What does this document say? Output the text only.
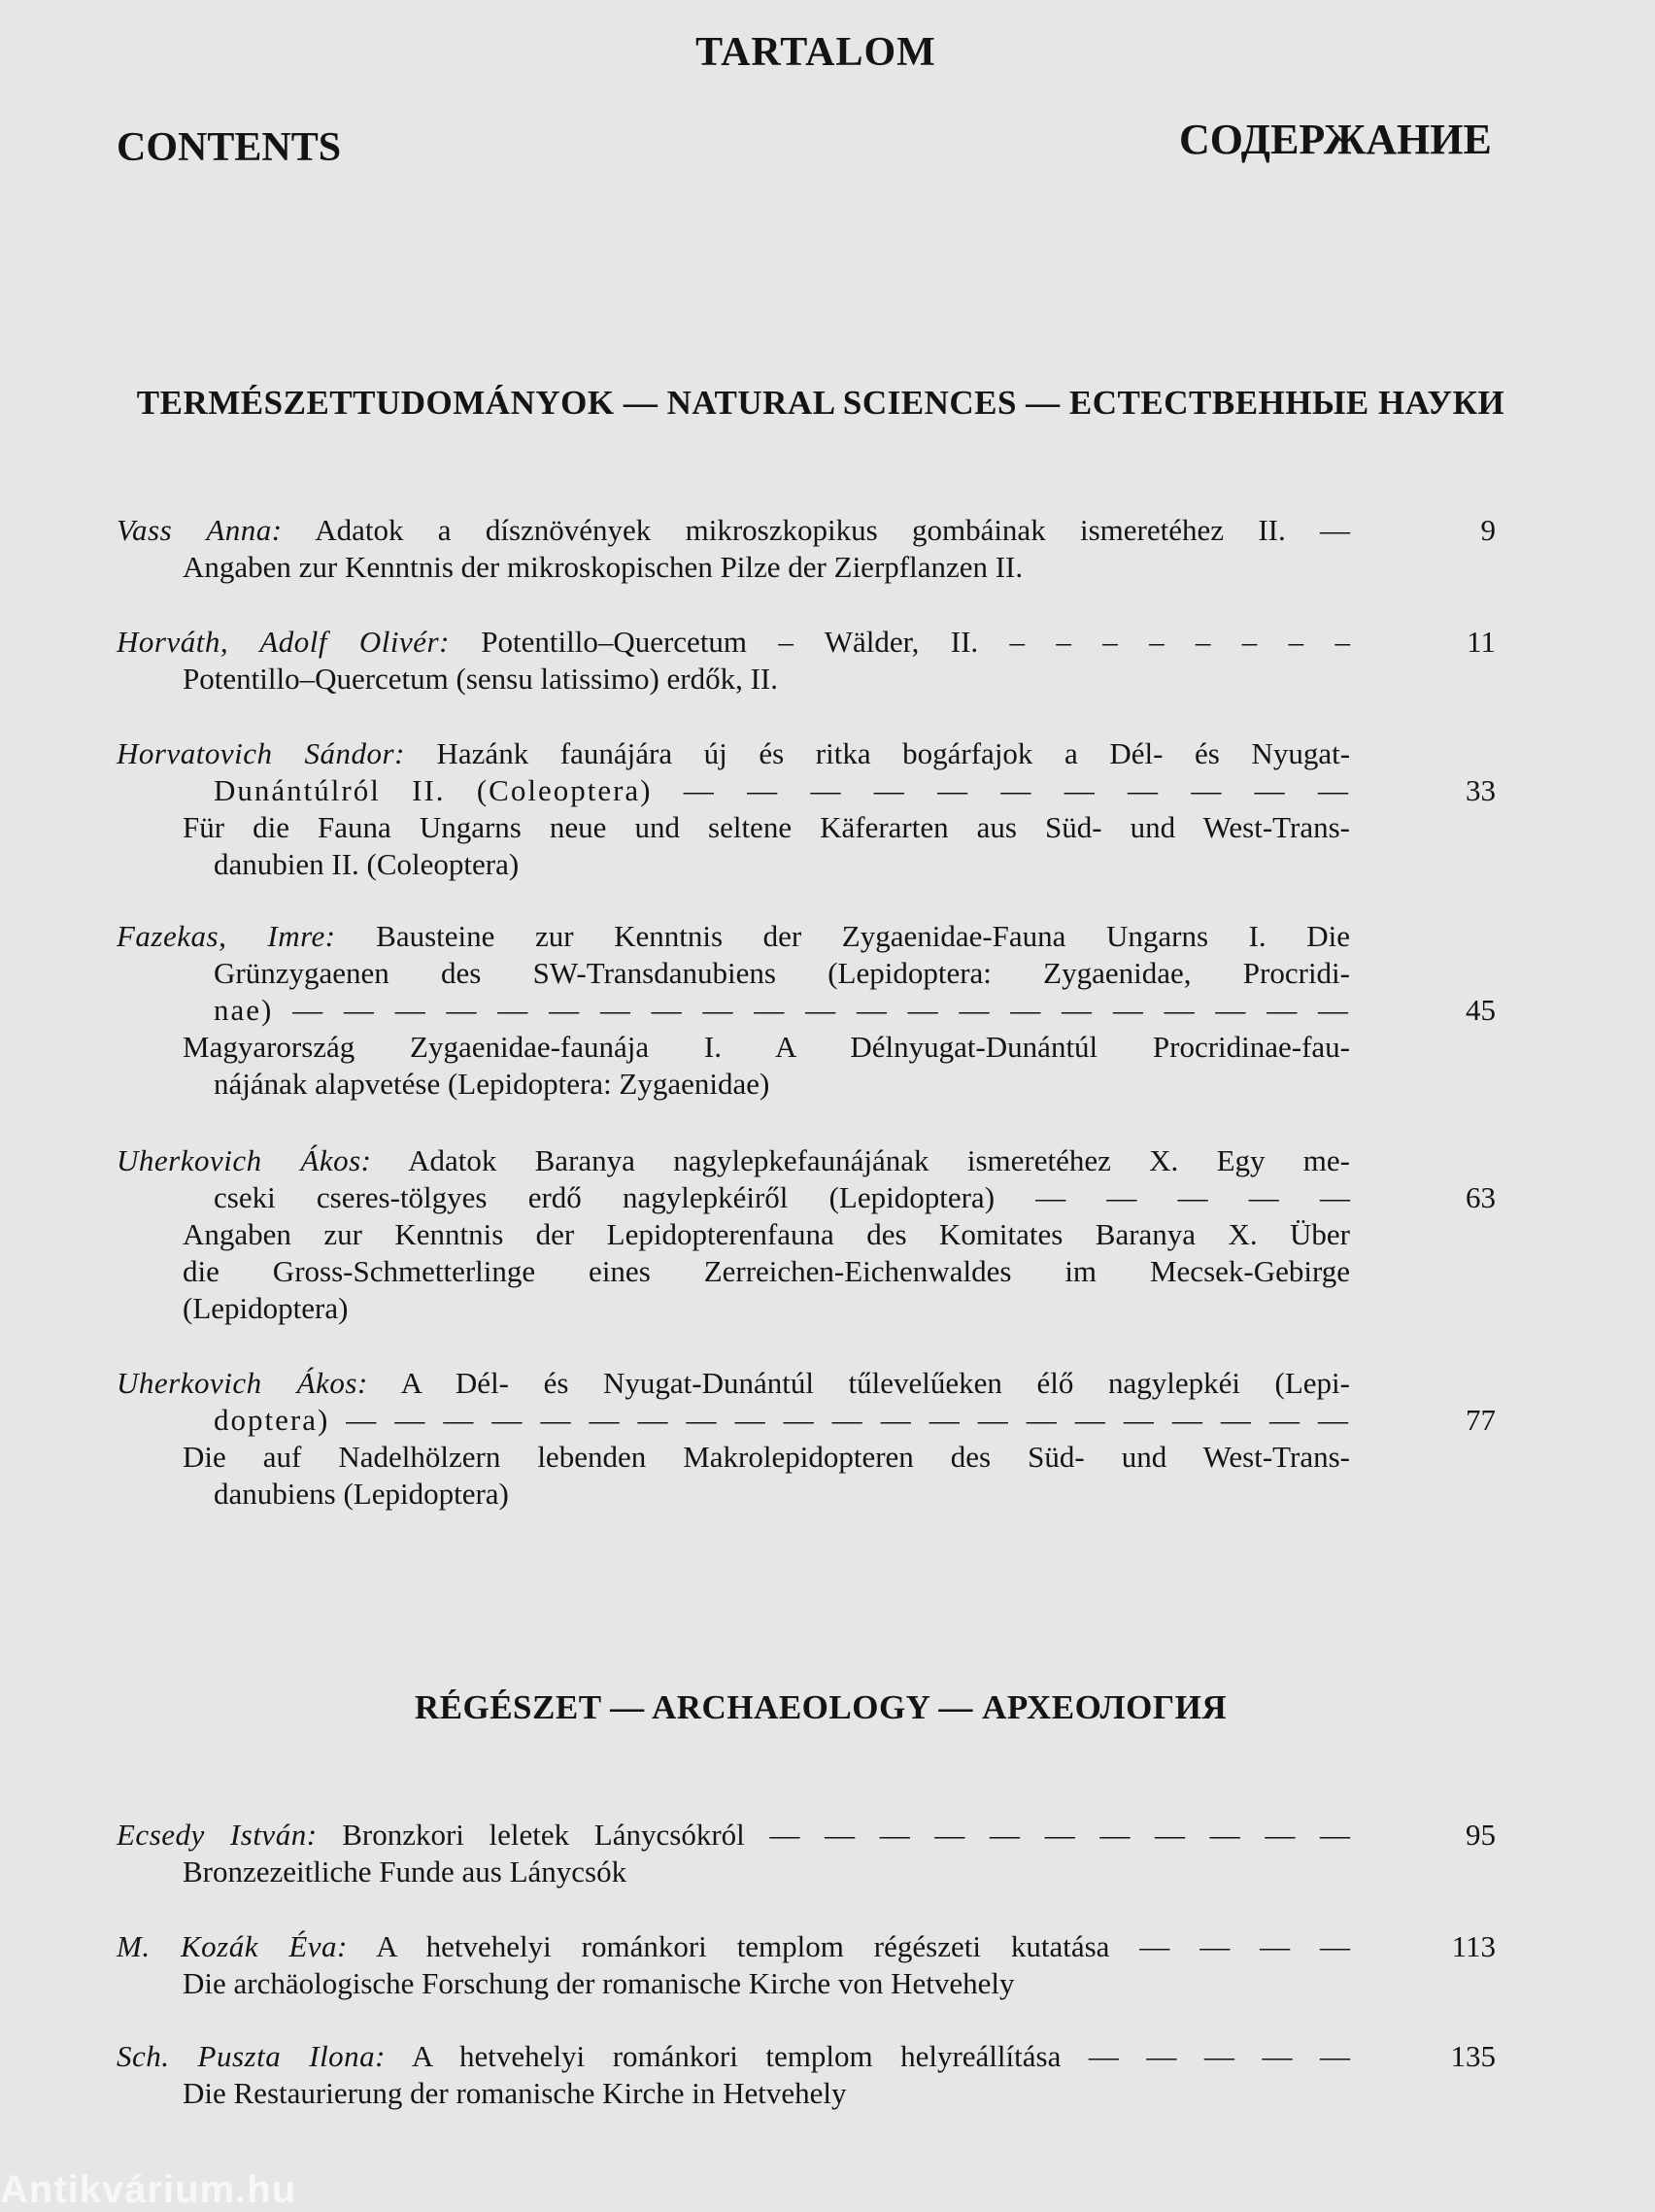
TARTALOM
CONTENTS	СОДЕРЖАНИЕ
TERMÉSZETTUDOMÁNYOK — NATURAL SCIENCES — ЕСТЕСТВЕННЫЕ НАУКИ

Vass Anna: Adatok a dísznövények mikroszkopikus gombáinak ismeretéhez II. —

Angaben zur Kenntnis der mikroskopischen Pilze der Zierpflanzen II.

9

Horváth, Adolf Olivér: Potentillo–Quercetum – Wälder, II. – – – – – – – –

Potentillo–Quercetum (sensu latissimo) erdők, II.

11

Horvatovich Sándor: Hazánk faunájára új és ritka bogárfajok a Dél- és Nyugat-

Dunántúlról II. (Coleoptera) — — — — — — — — — — —

Für die Fauna Ungarns neue und seltene Käferarten aus Süd- und West-Trans-

danubien II. (Coleoptera)

33

Fazekas, Imre: Bausteine zur Kenntnis der Zygaenidae-Fauna Ungarns I. Die

Grünzygaenen des SW-Transdanubiens (Lepidoptera: Zygaenidae, Procridi-

nae) — — — — — — — — — — — — — — — — — — — — —

Magyarország Zygaenidae-faunája I. A Délnyugat-Dunántúl Procridinae-fau-

nájának alapvetése (Lepidoptera: Zygaenidae)

45

Uherkovich Ákos: Adatok Baranya nagylepkefaunájának ismeretéhez X. Egy me-

cseki cseres-tölgyes erdő nagylepkéiről (Lepidoptera) — — — — —

Angaben zur Kenntnis der Lepidopterenfauna des Komitates Baranya X. Über

die Gross-Schmetterlinge eines Zerreichen-Eichenwaldes im Mecsek-Gebirge

(Lepidoptera)

63

Uherkovich Ákos: A Dél- és Nyugat-Dunántúl tűlevelűeken élő nagylepkéi (Lepi-

doptera) — — — — — — — — — — — — — — — — — — — — —

Die auf Nadelhölzern lebenden Makrolepidopteren des Süd- und West-Trans-

danubiens (Lepidoptera)

77
RÉGÉSZET — ARCHAEOLOGY — АРХЕОЛОГИЯ

Ecsedy István: Bronzkori leletek Lánycsókról — — — — — — — — — — —

Bronzezeitliche Funde aus Lánycsók

95

M. Kozák Éva: A hetvehelyi románkori templom régészeti kutatása — — — —

Die archäologische Forschung der romanische Kirche von Hetvehely

113

Sch. Puszta Ilona: A hetvehelyi románkori templom helyreállítása — — — — —

Die Restaurierung der romanische Kirche in Hetvehely

135
Antikvárium.hu
